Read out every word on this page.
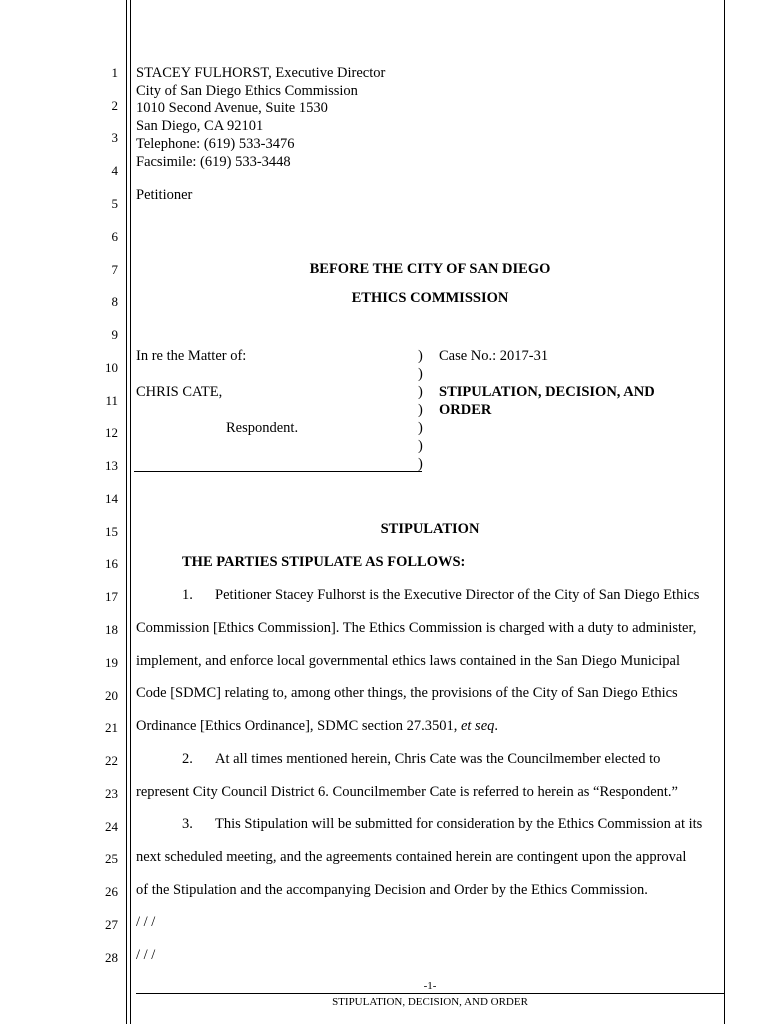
1
2
3
4
5
6
7
8
9
10
11
12
13
14
15
16
17
18
19
20
21
22
23
24
25
26
27
28
STACEY FULHORST, Executive Director
City of San Diego Ethics Commission
1010 Second Avenue, Suite 1530
San Diego, CA 92101
Telephone: (619) 533-3476
Facsimile: (619) 533-3448
Petitioner
BEFORE THE CITY OF SAN DIEGO
ETHICS COMMISSION
In re the Matter of:
CHRIS CATE,
Respondent.
)
)
)
)
)
)
)
Case No.: 2017-31
STIPULATION, DECISION, AND
ORDER
STIPULATION
THE PARTIES STIPULATE AS FOLLOWS:
1. Petitioner Stacey Fulhorst is the Executive Director of the City of San Diego Ethics
Commission [Ethics Commission]. The Ethics Commission is charged with a duty to administer,
implement, and enforce local governmental ethics laws contained in the San Diego Municipal
Code [SDMC] relating to, among other things, the provisions of the City of San Diego Ethics
Ordinance [Ethics Ordinance], SDMC section 27.3501, et seq.
2. At all times mentioned herein, Chris Cate was the Councilmember elected to
represent City Council District 6. Councilmember Cate is referred to herein as “Respondent.”
3. This Stipulation will be submitted for consideration by the Ethics Commission at its
next scheduled meeting, and the agreements contained herein are contingent upon the approval
of the Stipulation and the accompanying Decision and Order by the Ethics Commission.
/ / /
/ / /
-1-
STIPULATION, DECISION, AND ORDER
